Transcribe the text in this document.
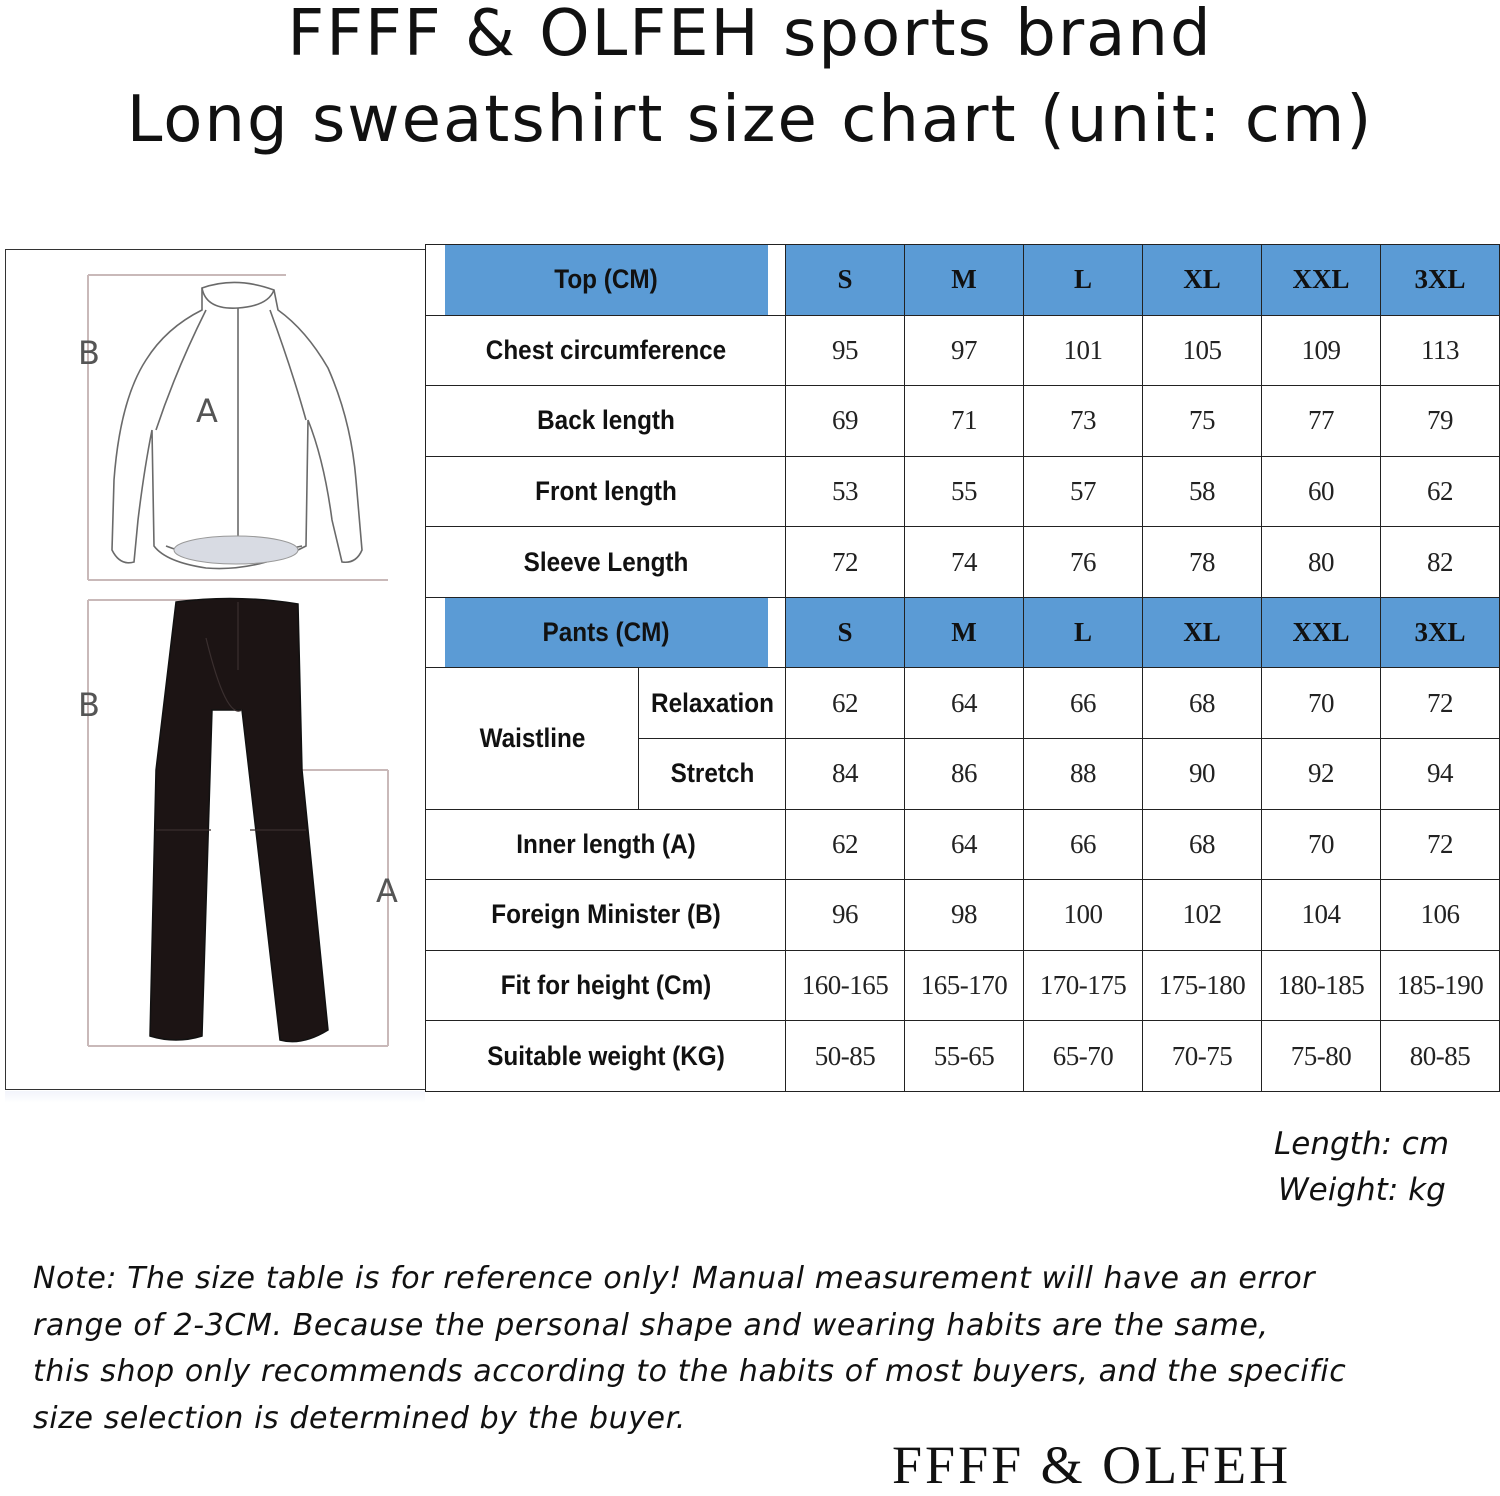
FFFF & OLFEH sports brand
Long sweatshirt size chart (unit: cm)
B
A
B
A
Top (CM)		S	M	L	XL	XXL	3XL
Chest circumference		95	97	101	105	109	113
Back length		69	71	73	75	77	79
Front length		53	55	57	58	60	62
Sleeve Length		72	74	76	78	80	82
Pants (CM)		S	M	L	XL	XXL	3XL
Waistline	Relaxation	62	64	66	68	70	72
	Stretch	84	86	88	90	92	94
Inner length (A)		62	64	66	68	70	72
Foreign Minister (B)		96	98	100	102	104	106
Fit for height (Cm)		160-165	165-170	170-175	175-180	180-185	185-190
Suitable weight (KG)		50-85	55-65	65-70	70-75	75-80	80-85
Length: cm
Weight: kg
Note: The size table is for reference only! Manual measurement will have an error
range of 2-3CM. Because the personal shape and wearing habits are the same,
this shop only recommends according to the habits of most buyers, and the specific
size selection is determined by the buyer.
FFFF & OLFEH
